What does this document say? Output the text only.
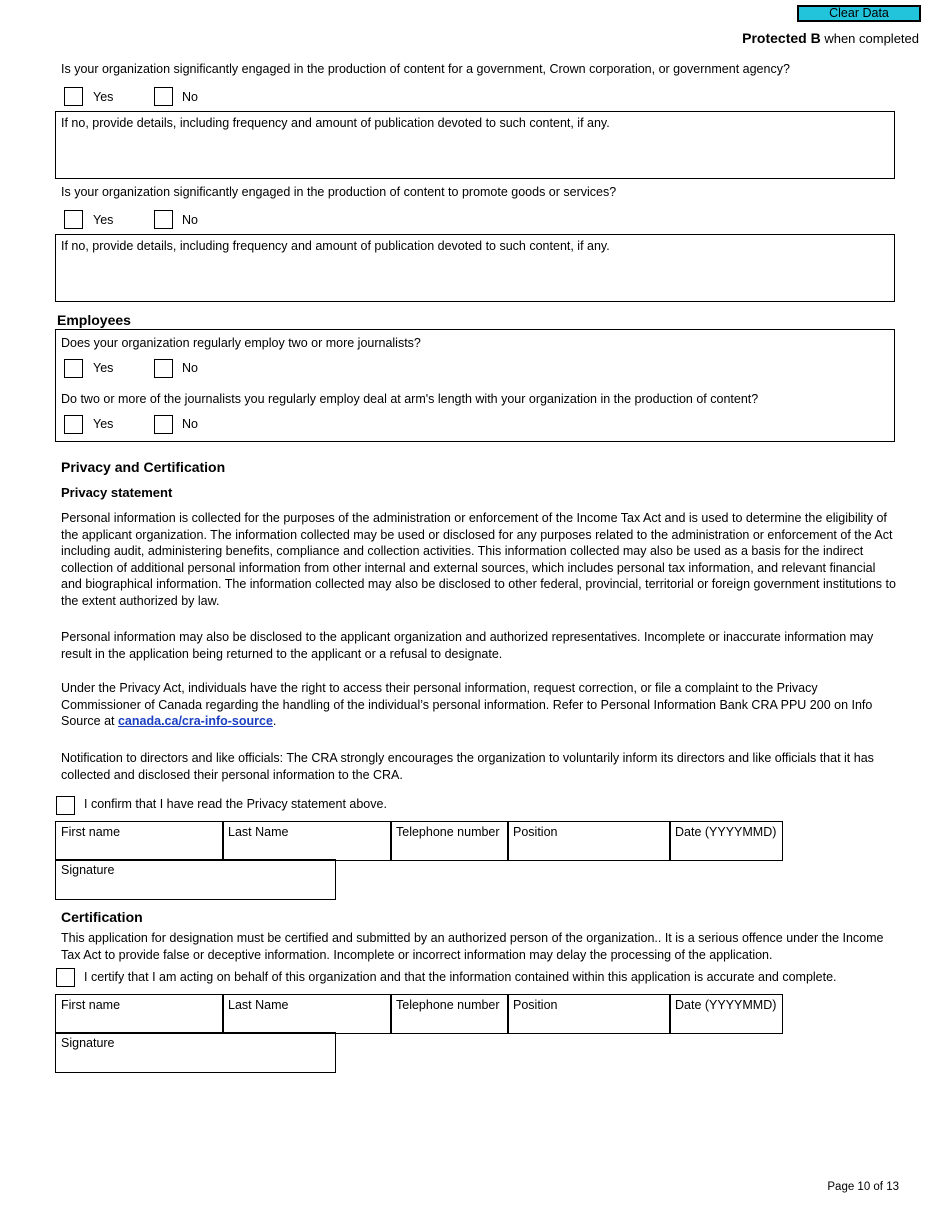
Clear Data
Protected B when completed
Is your organization significantly engaged in the production of content for a government, Crown corporation, or government agency?
Yes	No
If no, provide details, including frequency and amount of publication devoted to such content, if any.
Is your organization significantly engaged in the production of content to promote goods or services?
Yes	No
If no, provide details, including frequency and amount of publication devoted to such content, if any.
Employees
Does your organization regularly employ two or more journalists?
Yes	No
Do two or more of the journalists you regularly employ deal at arm's length with your organization in the production of content?
Yes	No
Privacy and Certification
Privacy statement
Personal information is collected for the purposes of the administration or enforcement of the Income Tax Act and is used to determine the eligibility of the applicant organization. The information collected may be used or disclosed for any purposes related to the administration or enforcement of the Act including audit, administering benefits, compliance and collection activities. This information collected may also be used as a basis for the indirect collection of additional personal information from other internal and external sources, which includes personal tax information, and relevant financial and biographical information. The information collected may also be disclosed to other federal, provincial, territorial or foreign government institutions to the extent authorized by law.
Personal information may also be disclosed to the applicant organization and authorized representatives. Incomplete or inaccurate information may result in the application being returned to the applicant or a refusal to designate.
Under the Privacy Act, individuals have the right to access their personal information, request correction, or file a complaint to the Privacy Commissioner of Canada regarding the handling of the individual’s personal information. Refer to Personal Information Bank CRA PPU 200 on Info Source at canada.ca/cra-info-source.
Notification to directors and like officials: The CRA strongly encourages the organization to voluntarily inform its directors and like officials that it has collected and disclosed their personal information to the CRA.
I confirm that I have read the Privacy statement above.
First name	Last Name	Telephone number	Position	Date (YYYYMMD)
Signature
Certification
This application for designation must be certified and submitted by an authorized person of the organization.. It is a serious offence under the Income Tax Act to provide false or deceptive information. Incomplete or incorrect information may delay the processing of the application.
I certify that I am acting on behalf of this organization and that the information contained within this application is accurate and complete.
First name	Last Name	Telephone number	Position	Date (YYYYMMD)
Signature
Page 10 of 13
